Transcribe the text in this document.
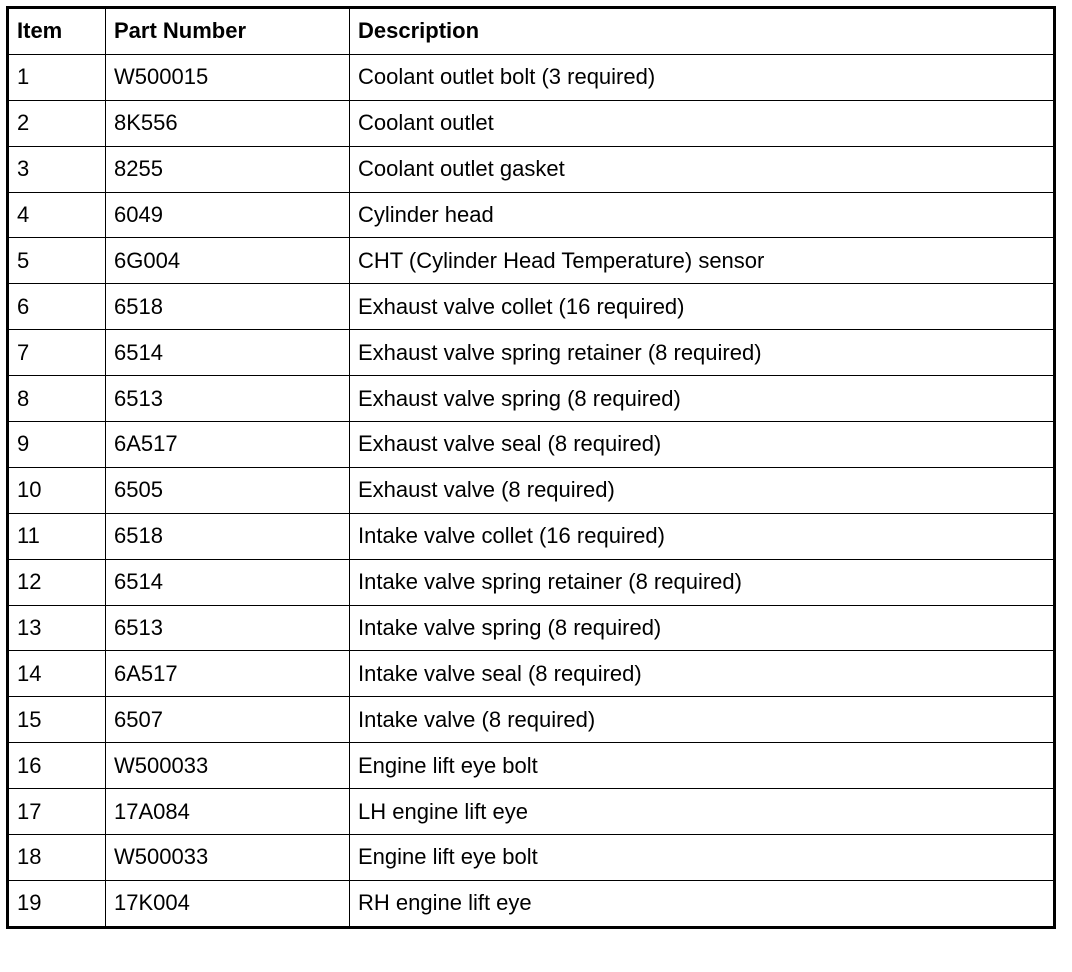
Item	Part Number	Description
1	W500015	Coolant outlet bolt (3 required)
2	8K556	Coolant outlet
3	8255	Coolant outlet gasket
4	6049	Cylinder head
5	6G004	CHT (Cylinder Head Temperature) sensor
6	6518	Exhaust valve collet (16 required)
7	6514	Exhaust valve spring retainer (8 required)
8	6513	Exhaust valve spring (8 required)
9	6A517	Exhaust valve seal (8 required)
10	6505	Exhaust valve (8 required)
11	6518	Intake valve collet (16 required)
12	6514	Intake valve spring retainer (8 required)
13	6513	Intake valve spring (8 required)
14	6A517	Intake valve seal (8 required)
15	6507	Intake valve (8 required)
16	W500033	Engine lift eye bolt
17	17A084	LH engine lift eye
18	W500033	Engine lift eye bolt
19	17K004	RH engine lift eye
